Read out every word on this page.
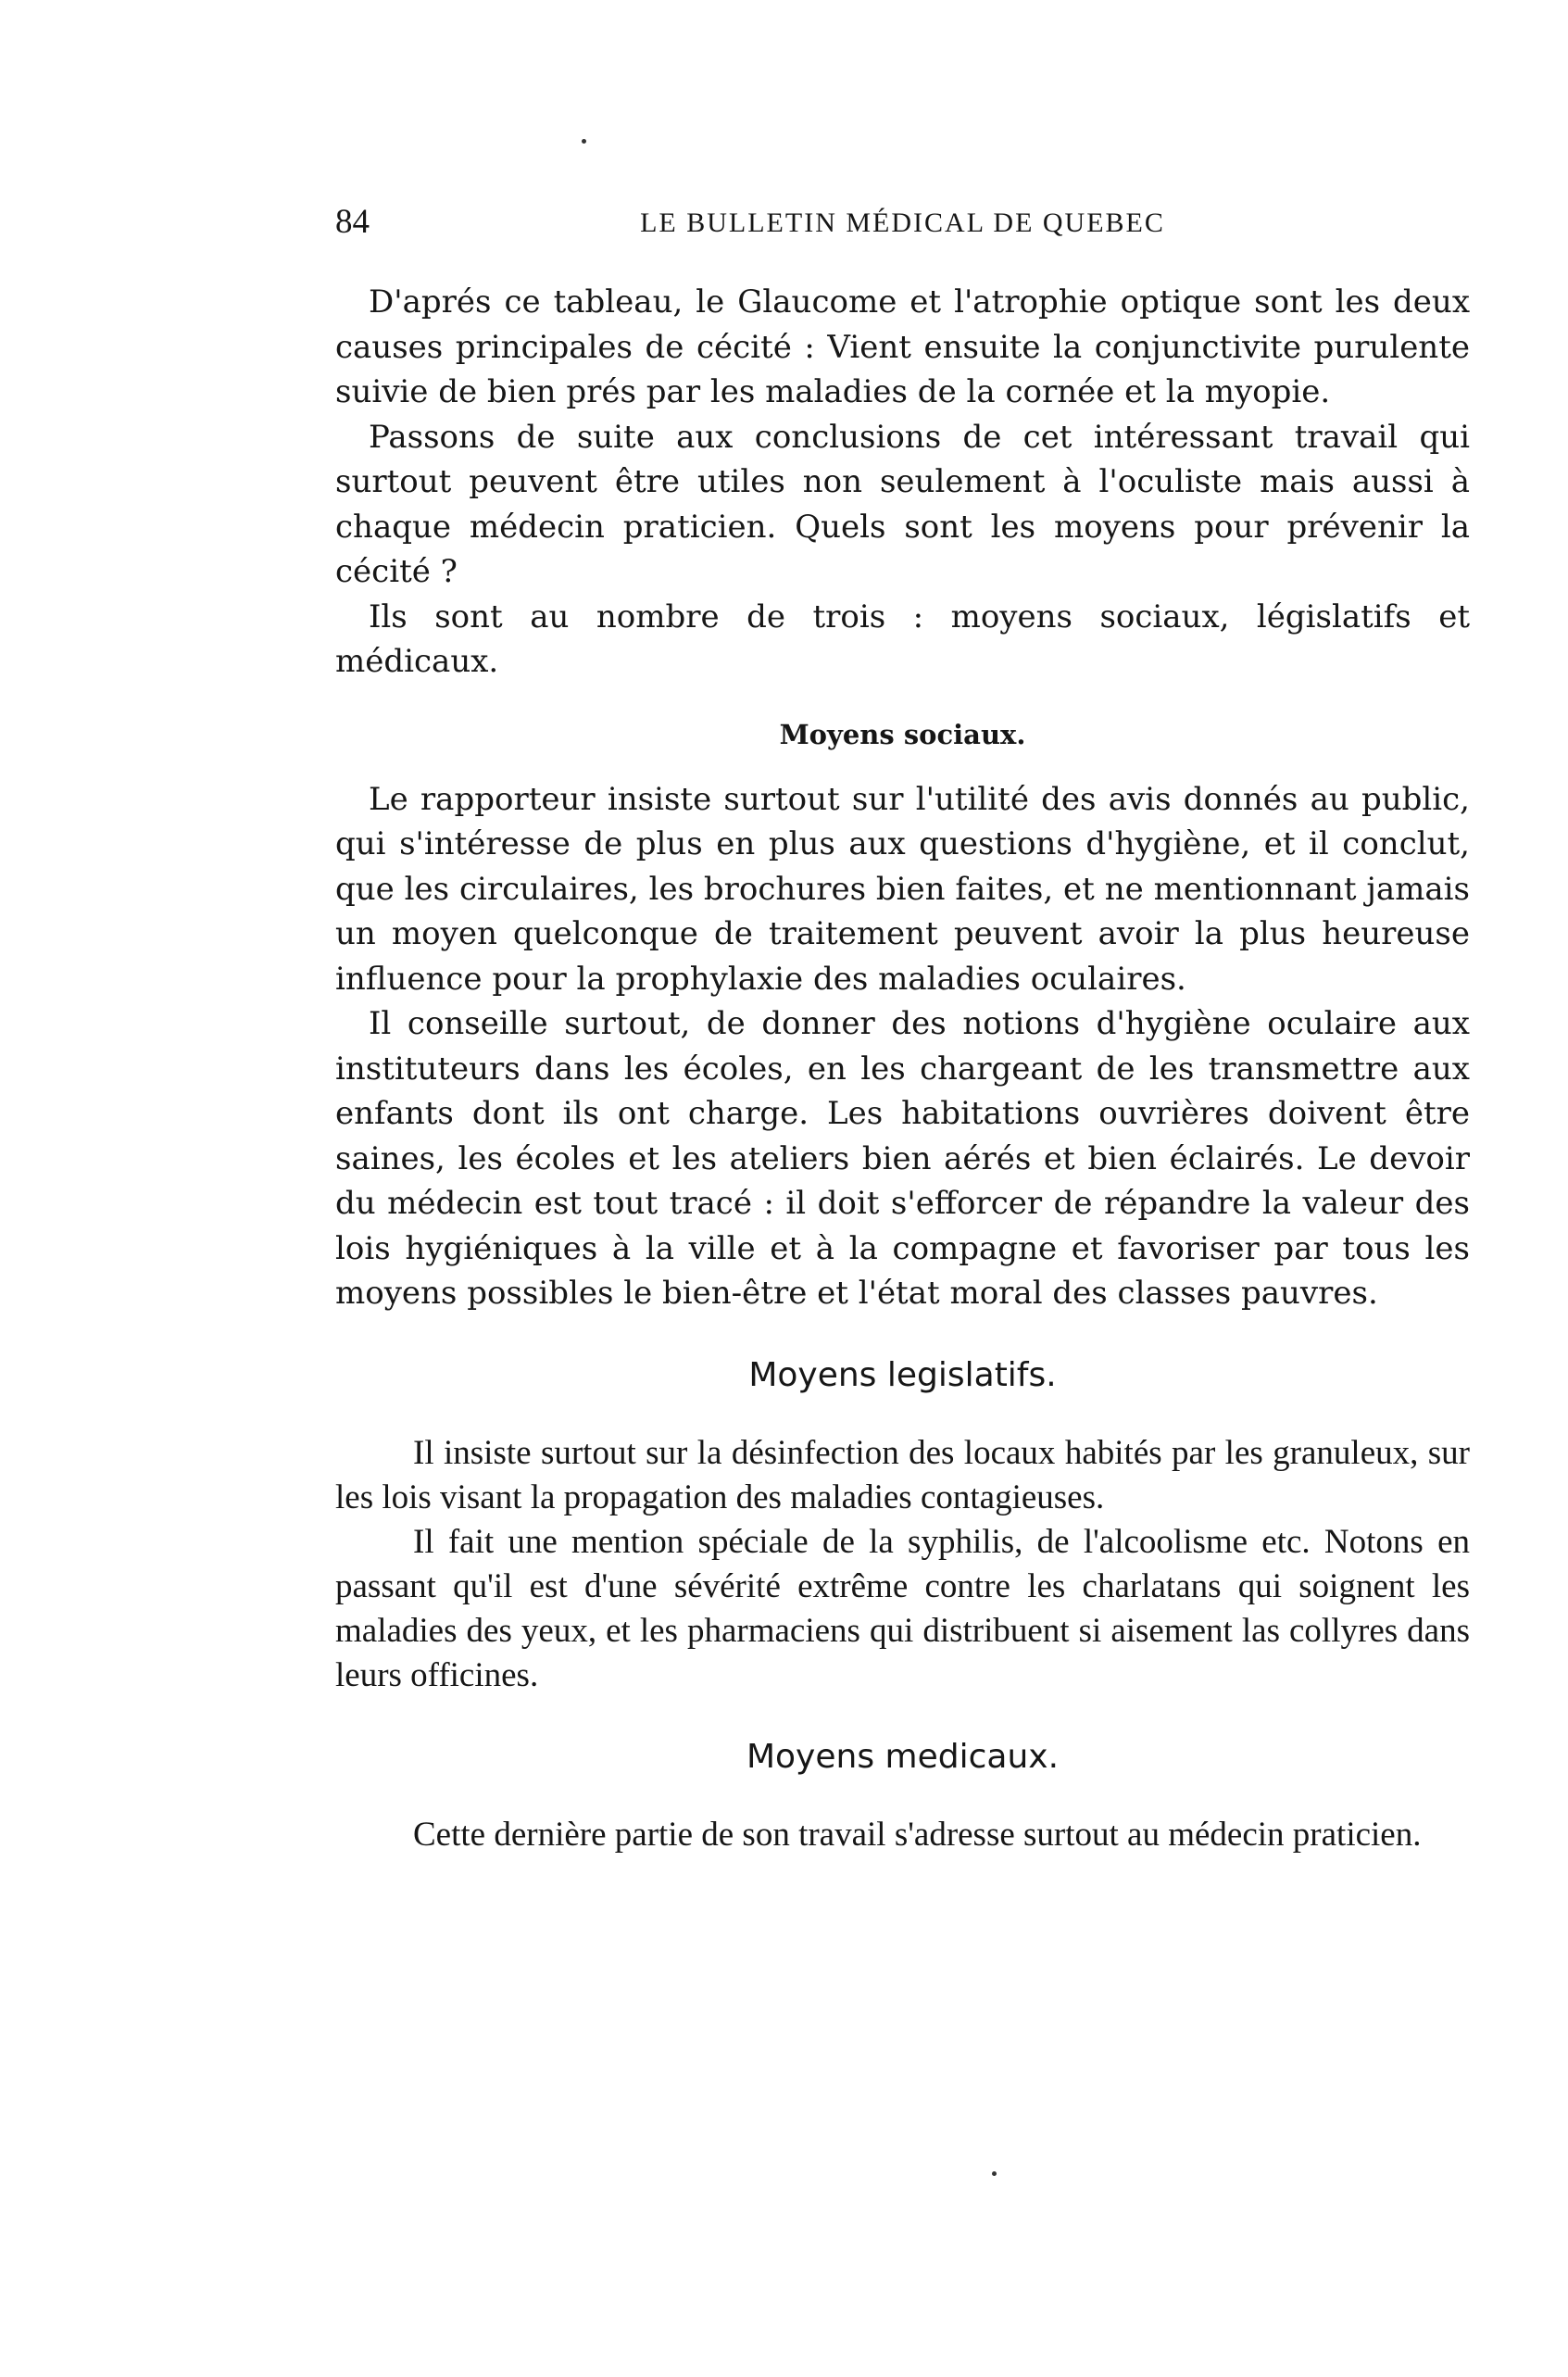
84	LE BULLETIN MÉDICAL DE QUEBEC

D'aprés ce tableau, le Glaucome et l'atrophie optique sont les deux causes principales de cécité : Vient ensuite la conjunctivite purulente suivie de bien prés par les maladies de la cornée et la myopie.

Passons de suite aux conclusions de cet intéressant travail qui surtout peuvent être utiles non seulement à l'oculiste mais aussi à chaque médecin praticien. Quels sont les moyens pour prévenir la cécité ?

Ils sont au nombre de trois : moyens sociaux, législatifs et médicaux.

Moyens sociaux.

Le rapporteur insiste surtout sur l'utilité des avis donnés au public, qui s'intéresse de plus en plus aux questions d'hygiène, et il conclut, que les circulaires, les brochures bien faites, et ne mentionnant jamais un moyen quelconque de traitement peuvent avoir la plus heureuse influence pour la prophylaxie des maladies oculaires.

Il conseille surtout, de donner des notions d'hygiène oculaire aux instituteurs dans les écoles, en les chargeant de les transmettre aux enfants dont ils ont charge. Les habitations ouvrières doivent être saines, les écoles et les ateliers bien aérés et bien éclairés. Le devoir du médecin est tout tracé : il doit s'efforcer de répandre la valeur des lois hygiéniques à la ville et à la compagne et favoriser par tous les moyens possibles le bien-être et l'état moral des classes pauvres.

Moyens legislatifs.

Il insiste surtout sur la désinfection des locaux habités par les granuleux, sur les lois visant la propagation des maladies contagieuses.

Il fait une mention spéciale de la syphilis, de l'alcoolisme etc. Notons en passant qu'il est d'une sévérité extrême contre les charlatans qui soignent les maladies des yeux, et les pharmaciens qui distribuent si aisement las collyres dans leurs officines.

Moyens medicaux.

Cette dernière partie de son travail s'adresse surtout au médecin praticien.
